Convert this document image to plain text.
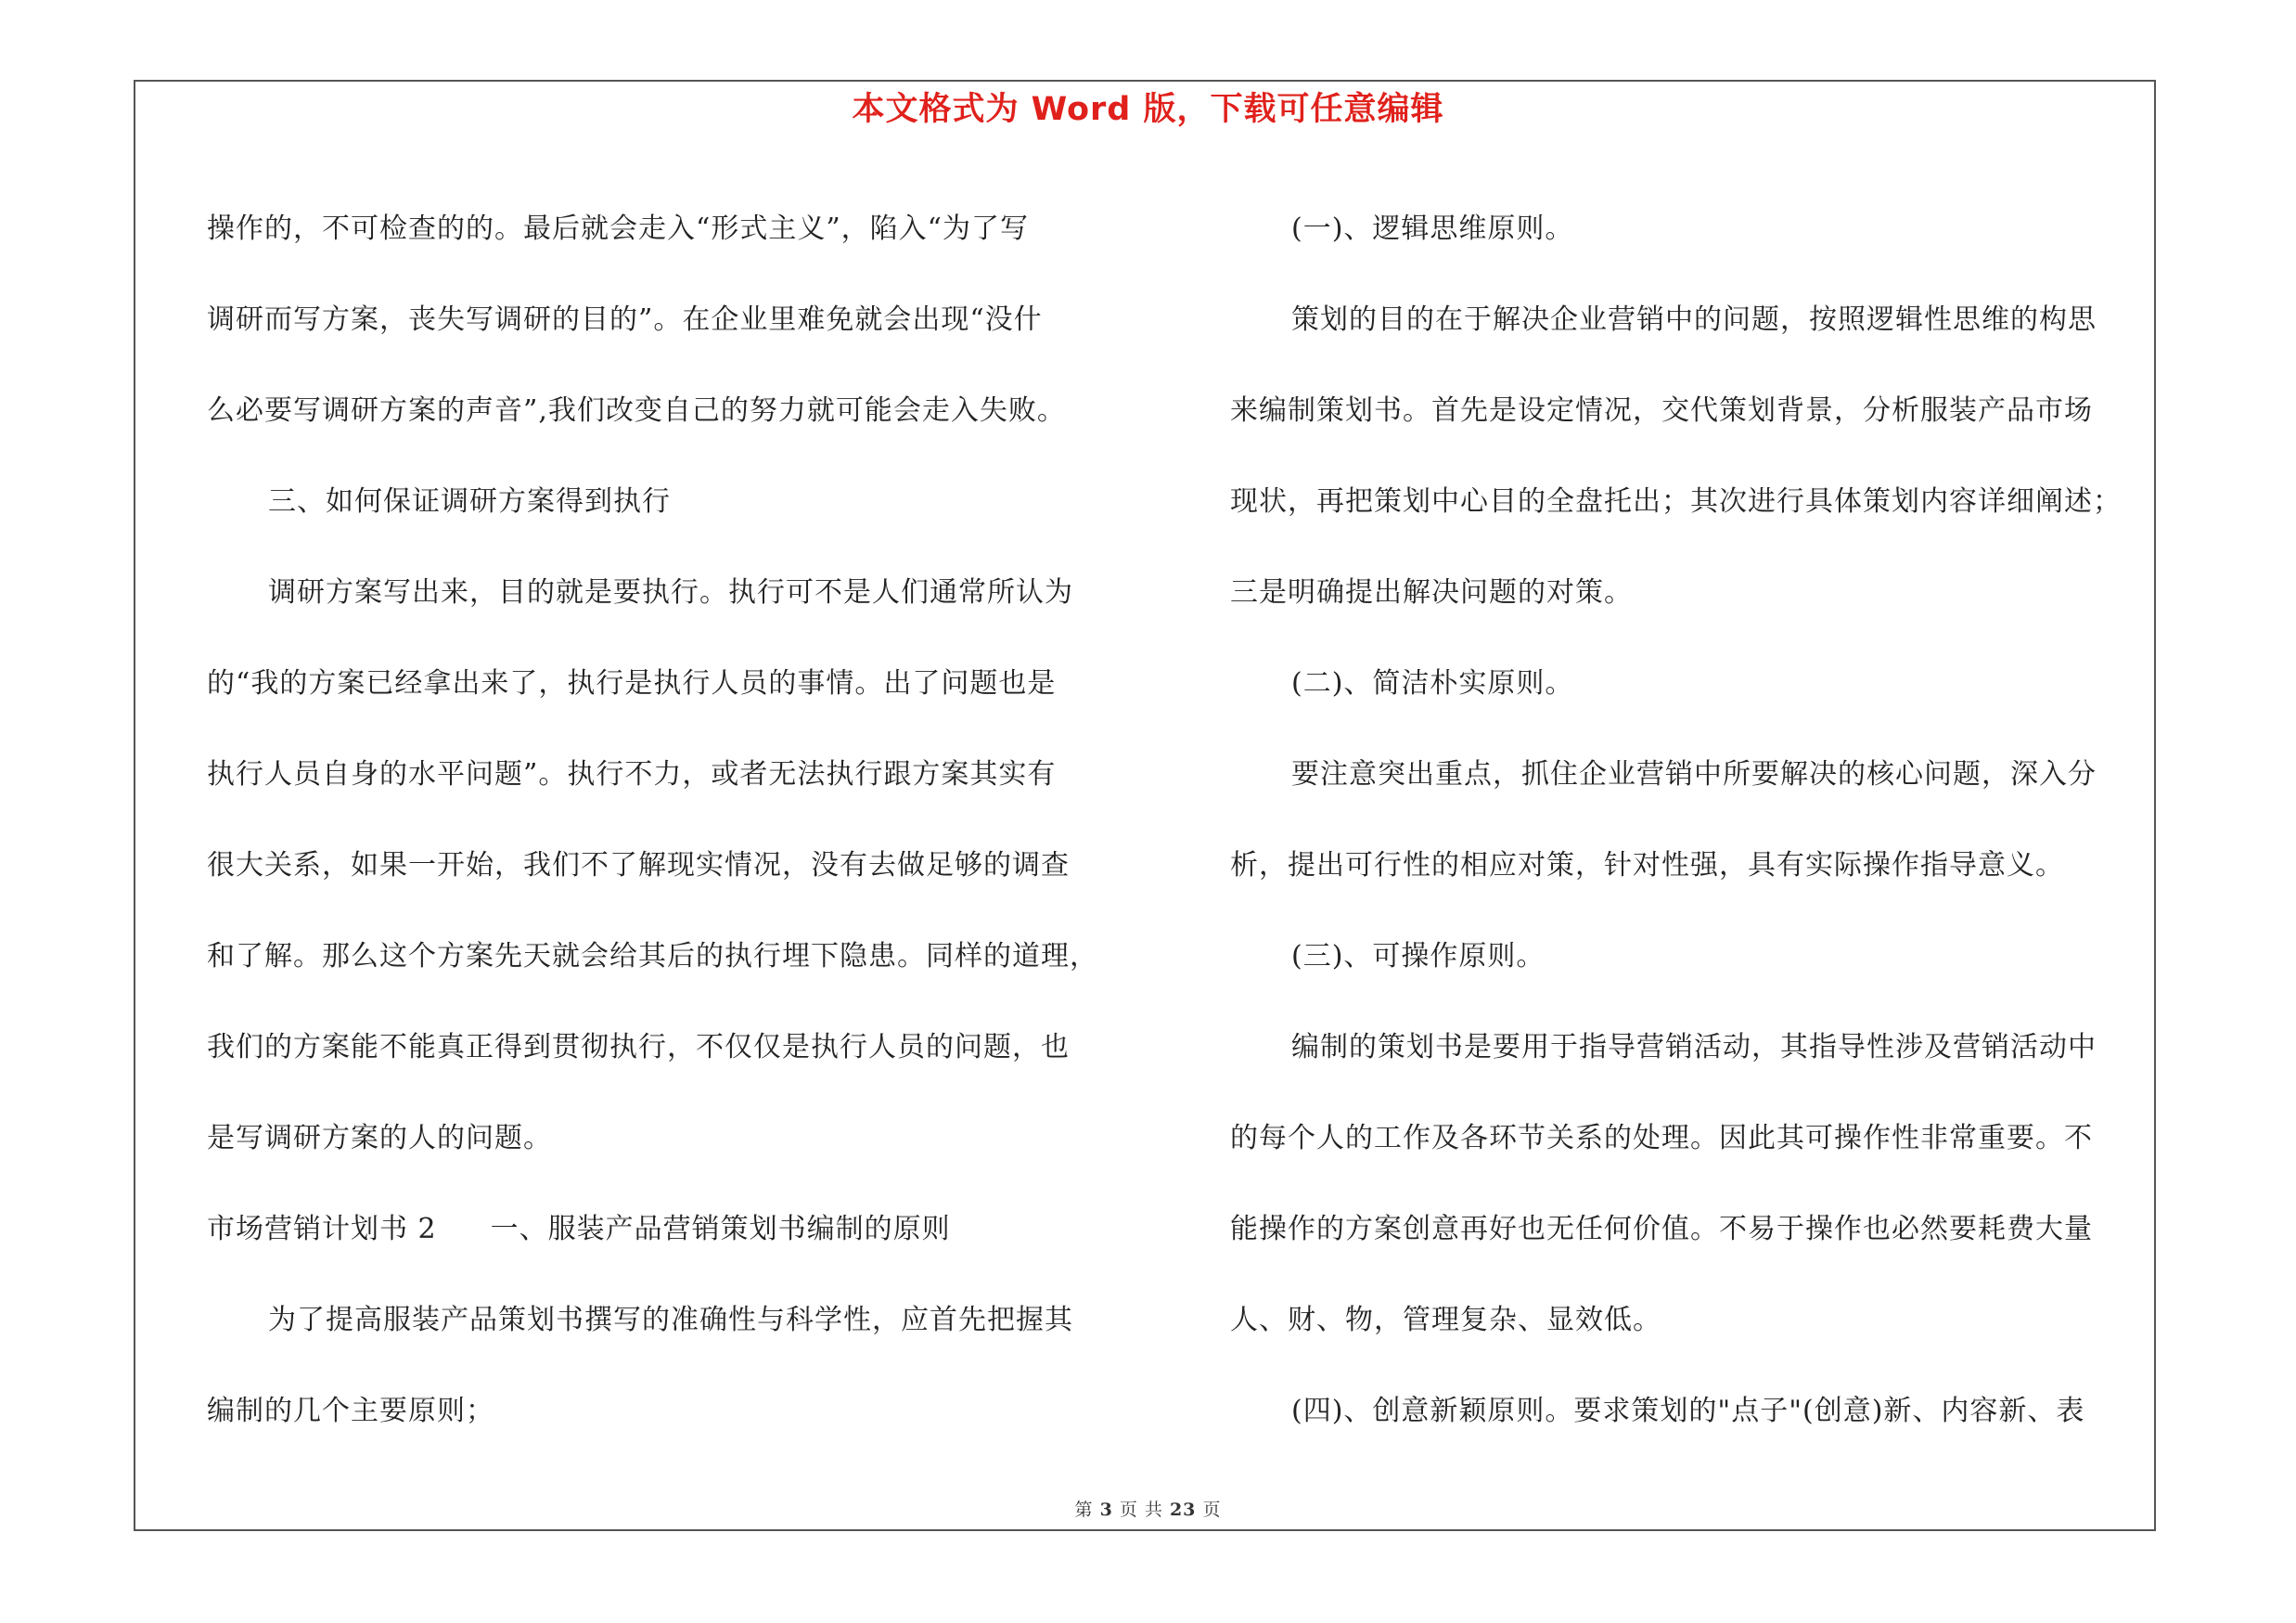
本文格式为 Word 版，下载可任意编辑
操作的，不可检查的的。最后就会走入“形式主义”，陷入“为了写
调研而写方案，丧失写调研的目的”。在企业里难免就会出现“没什
么必要写调研方案的声音”,我们改变自己的努力就可能会走入失败。
三、如何保证调研方案得到执行
调研方案写出来，目的就是要执行。执行可不是人们通常所认为
的“我的方案已经拿出来了，执行是执行人员的事情。出了问题也是
执行人员自身的水平问题”。执行不力，或者无法执行跟方案其实有
很大关系，如果一开始，我们不了解现实情况，没有去做足够的调查
和了解。那么这个方案先天就会给其后的执行埋下隐患。同样的道理，
我们的方案能不能真正得到贯彻执行，不仅仅是执行人员的问题，也
是写调研方案的人的问题。
市场营销计划书 2 一、服装产品营销策划书编制的原则
为了提高服装产品策划书撰写的准确性与科学性，应首先把握其
编制的几个主要原则；
(一)、逻辑思维原则。
策划的目的在于解决企业营销中的问题，按照逻辑性思维的构思
来编制策划书。首先是设定情况，交代策划背景，分析服装产品市场
现状，再把策划中心目的全盘托出；其次进行具体策划内容详细阐述；
三是明确提出解决问题的对策。
(二)、简洁朴实原则。
要注意突出重点，抓住企业营销中所要解决的核心问题，深入分
析，提出可行性的相应对策，针对性强，具有实际操作指导意义。
(三)、可操作原则。
编制的策划书是要用于指导营销活动，其指导性涉及营销活动中
的每个人的工作及各环节关系的处理。因此其可操作性非常重要。不
能操作的方案创意再好也无任何价值。不易于操作也必然要耗费大量
人、财、物，管理复杂、显效低。
(四)、创意新颖原则。要求策划的"点子"(创意)新、内容新、表
第 3 页 共 23 页
